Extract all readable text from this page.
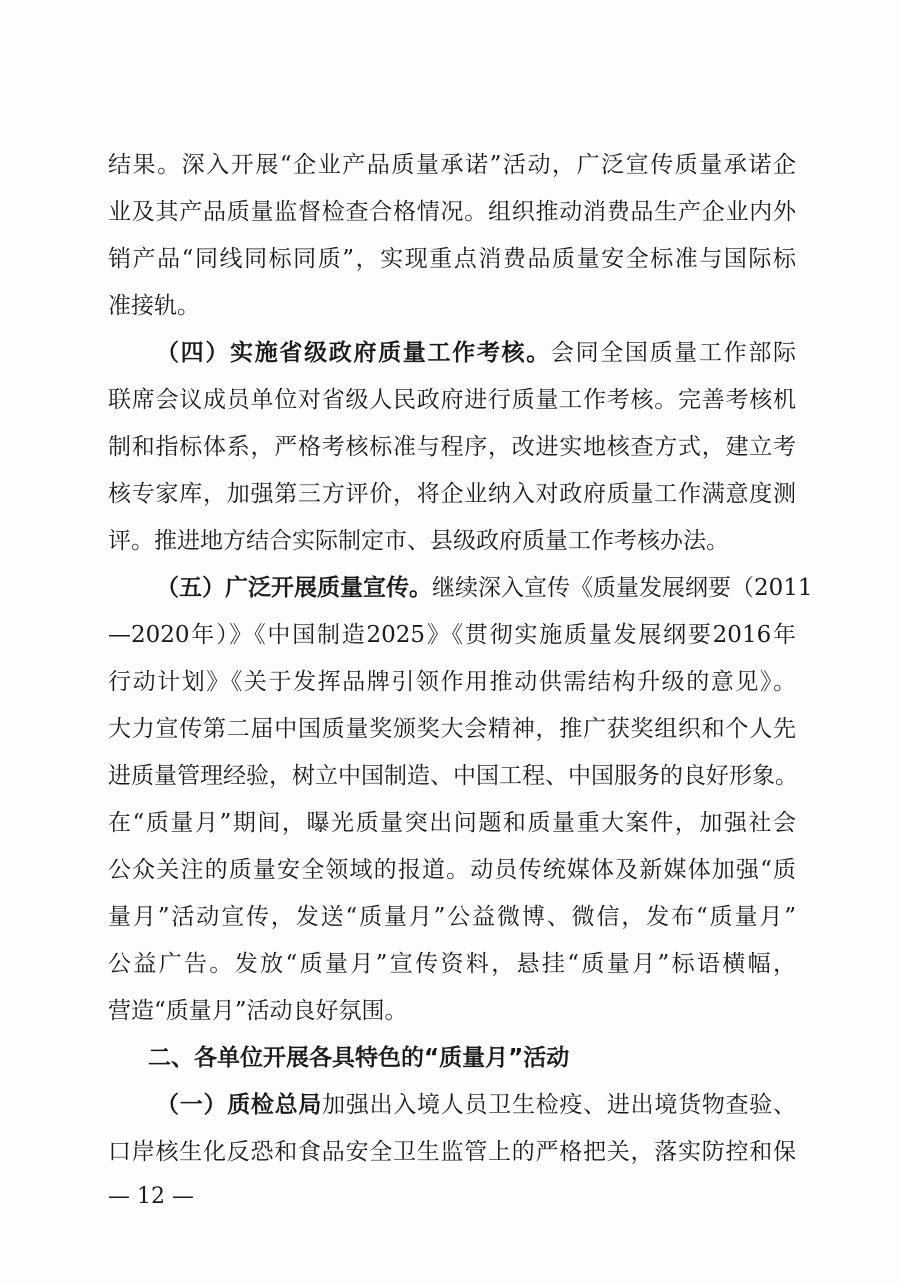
结果。深入开展“企业产品质量承诺”活动，广泛宣传质量承诺企
业及其产品质量监督检查合格情况。组织推动消费品生产企业内外
销产品“同线同标同质”，实现重点消费品质量安全标准与国际标
准接轨。
（四）实施省级政府质量工作考核。会同全国质量工作部际
联席会议成员单位对省级人民政府进行质量工作考核。完善考核机
制和指标体系，严格考核标准与程序，改进实地核查方式，建立考
核专家库，加强第三方评价，将企业纳入对政府质量工作满意度测
评。推进地方结合实际制定市、县级政府质量工作考核办法。
（五）广泛开展质量宣传。继续深入宣传《质量发展纲要（2011
—2020年）》《中国制造2025》《贯彻实施质量发展纲要2016年
行动计划》《关于发挥品牌引领作用推动供需结构升级的意见》。
大力宣传第二届中国质量奖颁奖大会精神，推广获奖组织和个人先
进质量管理经验，树立中国制造、中国工程、中国服务的良好形象。
在“质量月”期间，曝光质量突出问题和质量重大案件，加强社会
公众关注的质量安全领域的报道。动员传统媒体及新媒体加强“质
量月”活动宣传，发送“质量月”公益微博、微信，发布“质量月”
公益广告。发放“质量月”宣传资料，悬挂“质量月”标语横幅，
营造“质量月”活动良好氛围。
二、各单位开展各具特色的“质量月”活动
（一）质检总局加强出入境人员卫生检疫、进出境货物查验、
口岸核生化反恐和食品安全卫生监管上的严格把关，落实防控和保
— 12 —
